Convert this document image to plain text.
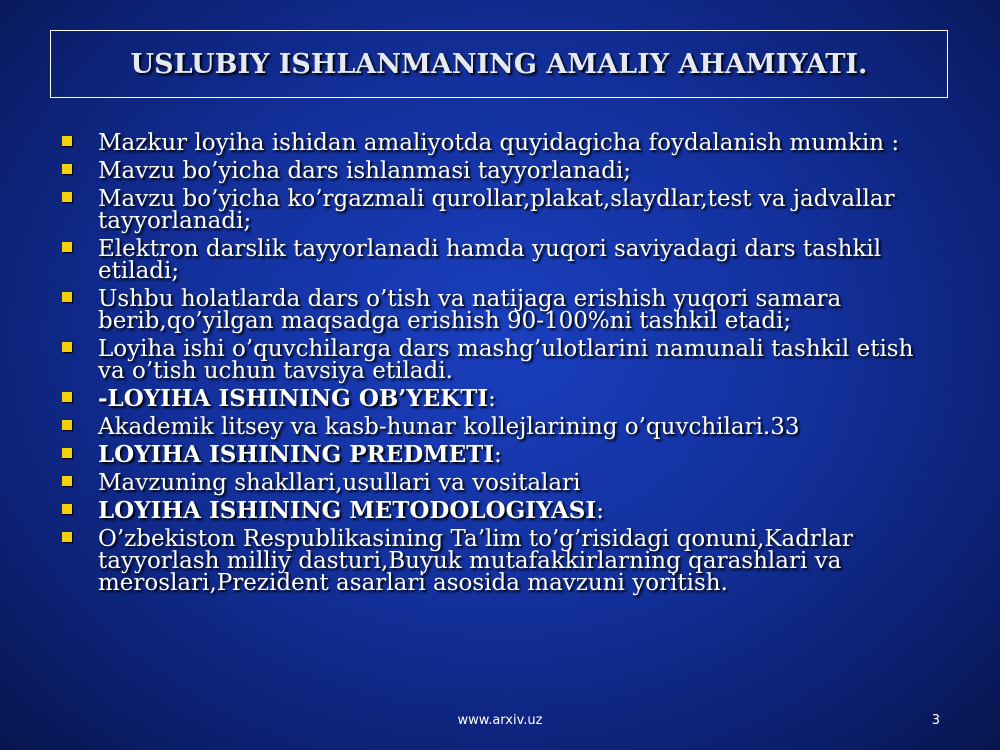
USLUBIY ISHLANMANING AMALIY AHAMIYATI.
Mazkur loyiha ishidan amaliyotda quyidagicha foydalanish mumkin :
Mavzu bo’yicha dars ishlanmasi tayyorlanadi;
Mavzu bo’yicha ko’rgazmali qurollar,plakat,slaydlar,test va jadvallar tayyorlanadi;
Elektron darslik tayyorlanadi hamda yuqori saviyadagi dars tashkil etiladi;
Ushbu holatlarda dars o’tish va natijaga erishish yuqori samara berib,qo’yilgan maqsadga erishish 90-100%ni tashkil etadi;
Loyiha ishi o’quvchilarga dars mashg’ulotlarini namunali tashkil etish va o’tish uchun tavsiya etiladi.
-LOYIHA ISHINING OB’YEKTI:
Akademik litsey va kasb-hunar kollejlarining o’quvchilari.33
LOYIHA ISHINING PREDMETI:
Mavzuning shakllari,usullari va vositalari
LOYIHA ISHINING METODOLOGIYASI:
O’zbekiston Respublikasining Ta’lim to’g’risidagi qonuni,Kadrlar tayyorlash milliy dasturi,Buyuk mutafakkirlarning qarashlari va meroslari,Prezident asarlari asosida mavzuni yoritish.
www.arxiv.uz	3
